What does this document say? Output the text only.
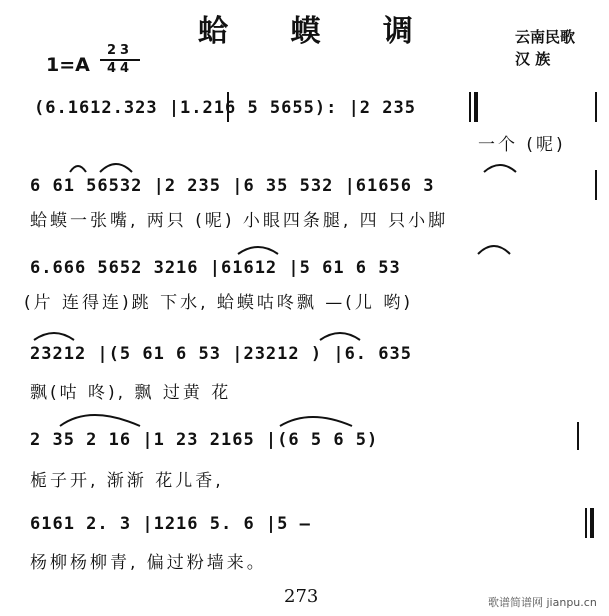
蛤 蟆 调	云南民歌
汉 族
1=A
23
44
(6.1612.323 |1.216 5 5655): |2 235
一个 (呢)
6 61 56532 |2 235 |6 35 532 |61656 3
蛤蟆一张嘴, 两只 (呢) 小眼四条腿, 四 只小脚
6.666 5652 3216 |61612 |5 61 6 53
(片 连得连)跳 下水, 蛤蟆咕咚飘 —(儿 哟)
23212 |(5 61 6 53 |23212 ) |6. 635
飘(咕 咚), 飘 过黄 花
2 35 2 16 |1 23 2165 |(6 5 6 5)
栀子开, 渐渐 花儿香,
6161 2. 3 |1216 5. 6 |5 –
杨柳杨柳青, 偏过粉墙来。
273	歌谱简谱网 jianpu.cn
